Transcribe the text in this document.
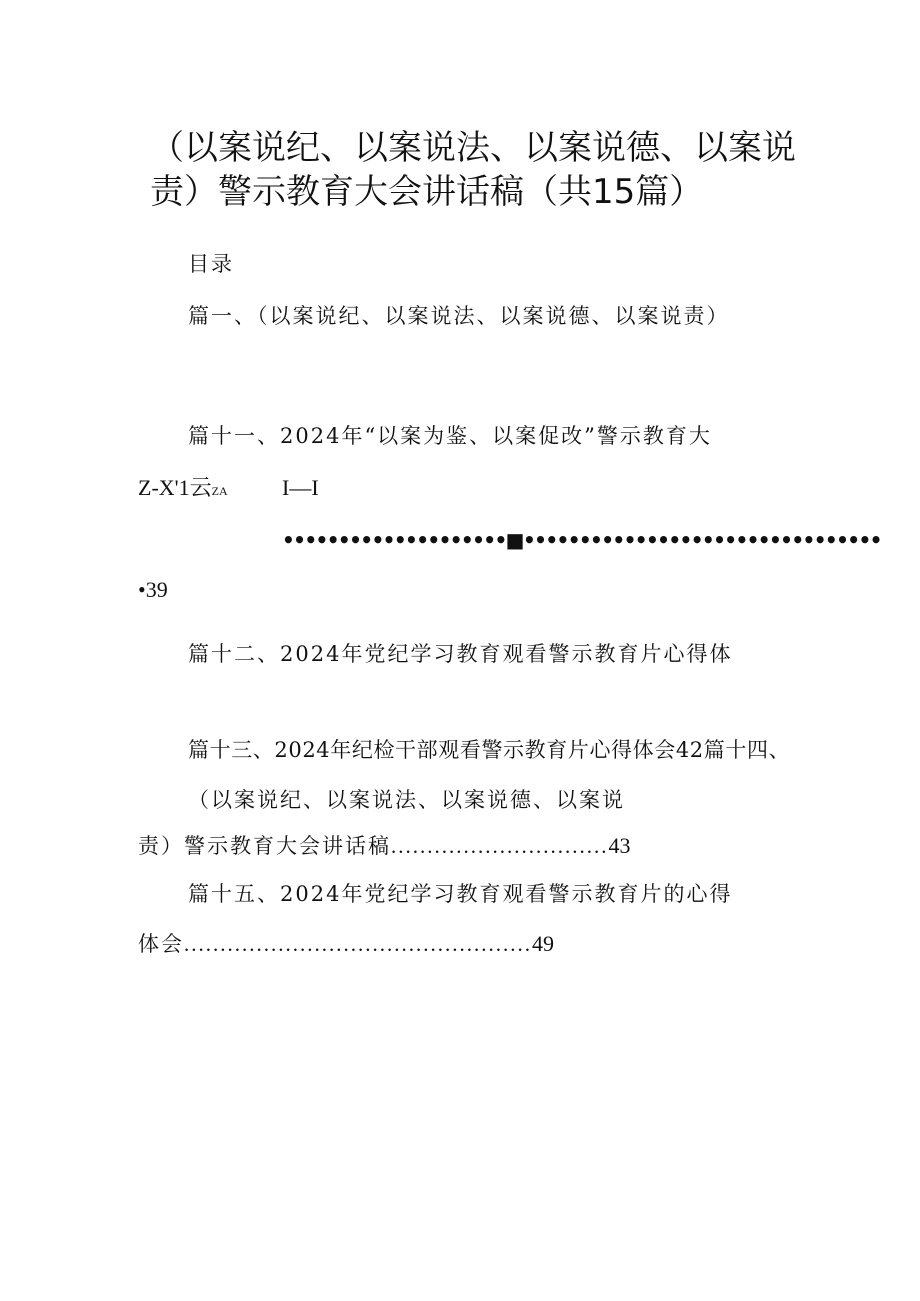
（以案说纪、以案说法、以案说德、以案说
责）警示教育大会讲话稿（共15篇）
目录
篇一、（以案说纪、以案说法、以案说德、以案说责）
篇十一、2024年“以案为鉴、以案促改”警示教育大
Z-X'1云ZA I—I
••••••••••••••••••••■••••••••••••••••••••••••••••••••
•39
篇十二、2024年党纪学习教育观看警示教育片心得体
篇十三、2024年纪检干部观看警示教育片心得体会42篇十四、
（以案说纪、以案说法、以案说德、以案说
责）警示教育大会讲话稿..............................43
篇十五、2024年党纪学习教育观看警示教育片的心得
体会................................................49
